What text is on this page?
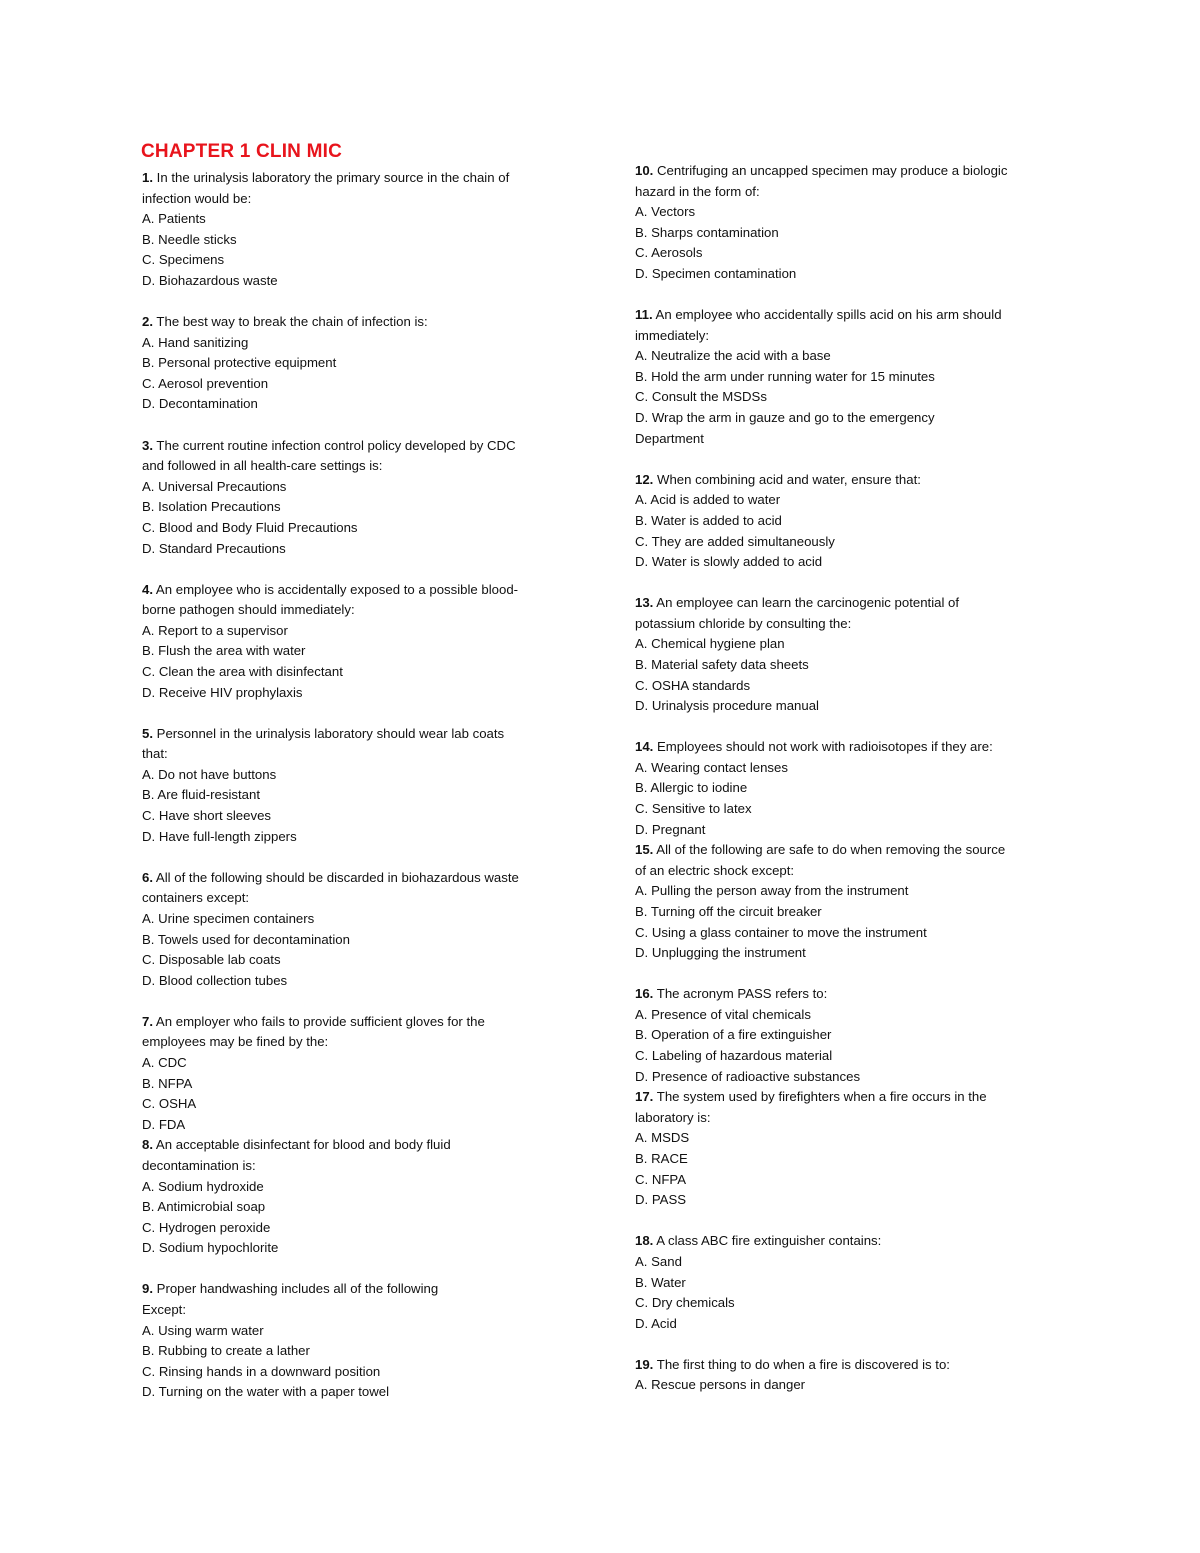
CHAPTER 1 CLIN MIC
1. In the urinalysis laboratory the primary source in the chain of
infection would be:
A. Patients
B. Needle sticks
C. Specimens
D. Biohazardous waste
2. The best way to break the chain of infection is:
A. Hand sanitizing
B. Personal protective equipment
C. Aerosol prevention
D. Decontamination
3. The current routine infection control policy developed by CDC
and followed in all health-care settings is:
A. Universal Precautions
B. Isolation Precautions
C. Blood and Body Fluid Precautions
D. Standard Precautions
4. An employee who is accidentally exposed to a possible blood-
borne pathogen should immediately:
A. Report to a supervisor
B. Flush the area with water
C. Clean the area with disinfectant
D. Receive HIV prophylaxis
5. Personnel in the urinalysis laboratory should wear lab coats
that:
A. Do not have buttons
B. Are fluid-resistant
C. Have short sleeves
D. Have full-length zippers
6. All of the following should be discarded in biohazardous waste
containers except:
A. Urine specimen containers
B. Towels used for decontamination
C. Disposable lab coats
D. Blood collection tubes
7. An employer who fails to provide sufficient gloves for the
employees may be fined by the:
A. CDC
B. NFPA
C. OSHA
D. FDA
8. An acceptable disinfectant for blood and body fluid
decontamination is:
A. Sodium hydroxide
B. Antimicrobial soap
C. Hydrogen peroxide
D. Sodium hypochlorite
9. Proper handwashing includes all of the following
Except:
A. Using warm water
B. Rubbing to create a lather
C. Rinsing hands in a downward position
D. Turning on the water with a paper towel
10. Centrifuging an uncapped specimen may produce a biologic
hazard in the form of:
A. Vectors
B. Sharps contamination
C. Aerosols
D. Specimen contamination
11. An employee who accidentally spills acid on his arm should
immediately:
A. Neutralize the acid with a base
B. Hold the arm under running water for 15 minutes
C. Consult the MSDSs
D. Wrap the arm in gauze and go to the emergency
Department
12. When combining acid and water, ensure that:
A. Acid is added to water
B. Water is added to acid
C. They are added simultaneously
D. Water is slowly added to acid
13. An employee can learn the carcinogenic potential of
potassium chloride by consulting the:
A. Chemical hygiene plan
B. Material safety data sheets
C. OSHA standards
D. Urinalysis procedure manual
14. Employees should not work with radioisotopes if they are:
A. Wearing contact lenses
B. Allergic to iodine
C. Sensitive to latex
D. Pregnant
15. All of the following are safe to do when removing the source
of an electric shock except:
A. Pulling the person away from the instrument
B. Turning off the circuit breaker
C. Using a glass container to move the instrument
D. Unplugging the instrument
16. The acronym PASS refers to:
A. Presence of vital chemicals
B. Operation of a fire extinguisher
C. Labeling of hazardous material
D. Presence of radioactive substances
17. The system used by firefighters when a fire occurs in the
laboratory is:
A. MSDS
B. RACE
C. NFPA
D. PASS
18. A class ABC fire extinguisher contains:
A. Sand
B. Water
C. Dry chemicals
D. Acid
19. The first thing to do when a fire is discovered is to:
A. Rescue persons in danger
